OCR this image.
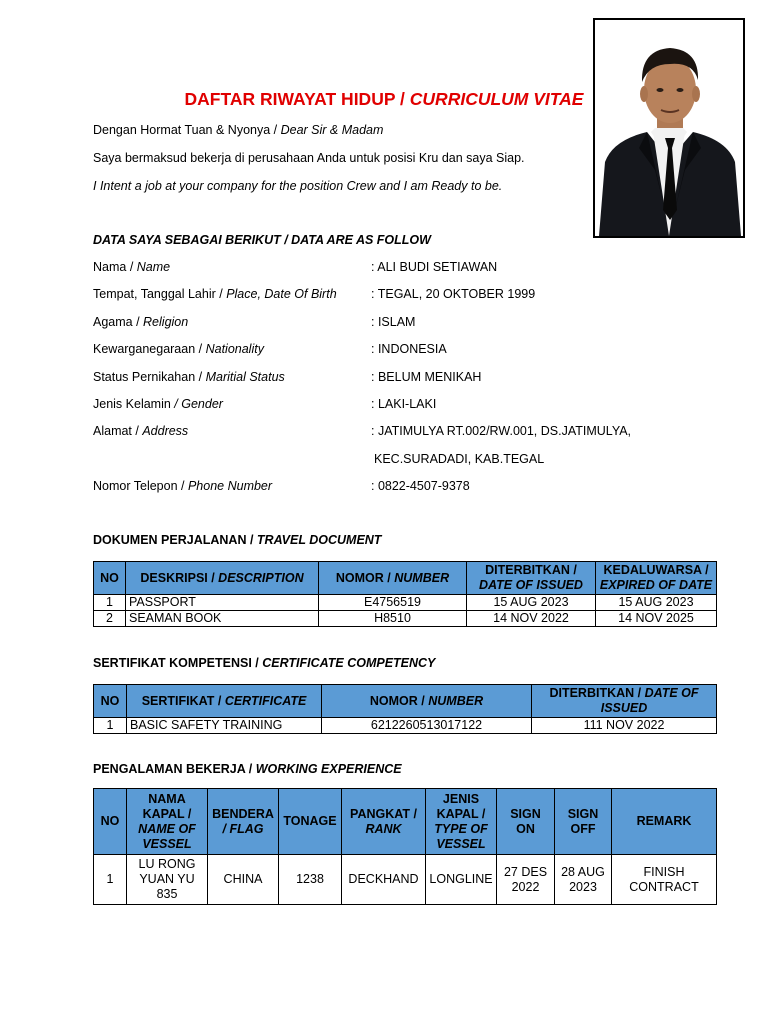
DAFTAR RIWAYAT HIDUP / CURRICULUM VITAE
Dengan Hormat Tuan & Nyonya / Dear Sir & Madam
Saya bermaksud bekerja di perusahaan Anda untuk posisi Kru dan saya Siap.
I Intent a job at your company for the position Crew and I am Ready to be.
DATA SAYA SEBAGAI BERIKUT / DATA ARE AS FOLLOW
Nama / Name	: ALI BUDI SETIAWAN
Tempat, Tanggal Lahir / Place, Date Of Birth	: TEGAL, 20 OKTOBER 1999
Agama / Religion	: ISLAM
Kewarganegaraan / Nationality	: INDONESIA
Status Pernikahan / Maritial Status	: BELUM MENIKAH
Jenis Kelamin / Gender	: LAKI-LAKI
Alamat / Address	: JATIMULYA RT.002/RW.001, DS.JATIMULYA,
KEC.SURADADI, KAB.TEGAL
Nomor Telepon / Phone Number	: 0822-4507-9378
DOKUMEN PERJALANAN / TRAVEL DOCUMENT
NO	DESKRIPSI / DESCRIPTION	NOMOR / NUMBER	DITERBITKAN /
DATE OF ISSUED	KEDALUWARSA /
EXPIRED OF DATE
1	PASSPORT	E4756519	15 AUG 2023	15 AUG 2023
2	SEAMAN BOOK	H8510	14 NOV 2022	14 NOV 2025
SERTIFIKAT KOMPETENSI / CERTIFICATE COMPETENCY
NO	SERTIFIKAT / CERTIFICATE	NOMOR / NUMBER	DITERBITKAN / DATE OF ISSUED
1	BASIC SAFETY TRAINING	6212260513017122	111 NOV 2022
PENGALAMAN BEKERJA / WORKING EXPERIENCE
NO	NAMA KAPAL /
NAME OF VESSEL	BENDERA
/ FLAG	TONAGE	PANGKAT /
RANK	JENIS KAPAL /
TYPE OF VESSEL	SIGN ON	SIGN OFF	REMARK
1	LU RONG YUAN YU 835	CHINA	1238	DECKHAND	LONGLINE	27 DES 2022	28 AUG 2023	FINISH CONTRACT
